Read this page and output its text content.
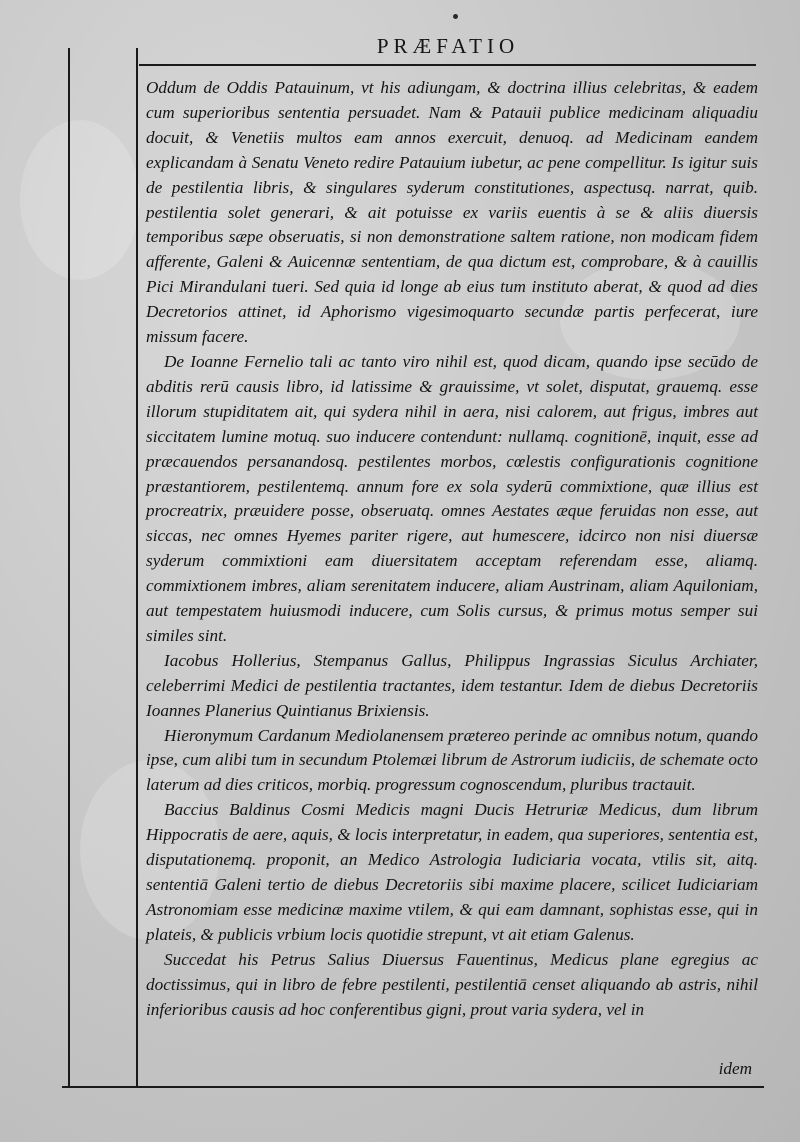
PRÆFATIO

Oddum de Oddis Patauinum, vt his adiungam, & doctrina illius celebritas, & eadem cum superioribus sententia persuadet. Nam & Patauii publice medicinam aliquadiu docuit, & Venetiis multos eam annos exercuit, denuoq. ad Medicinam eandem explicandam à Senatu Veneto redire Patauium iubetur, ac pene compellitur. Is igitur suis de pestilentia libris, & singulares syderum constitutiones, aspectusq. narrat, quib. pestilentia solet generari, & ait potuisse ex variis euentis à se & aliis diuersis temporibus sæpe obseruatis, si non demonstratione saltem ratione, non modicam fidem afferente, Galeni & Auicennæ sententiam, de qua dictum est, comprobare, & à cauillis Pici Mirandulani tueri. Sed quia id longe ab eius tum instituto aberat, & quod ad dies Decretorios attinet, id Aphorismo vigesimoquarto secundæ partis perfecerat, iure missum facere.

De Ioanne Fernelio tali ac tanto viro nihil est, quod dicam, quando ipse secūdo de abditis rerū causis libro, id latissime & grauissime, vt solet, disputat, grauemq. esse illorum stupiditatem ait, qui sydera nihil in aera, nisi calorem, aut frigus, imbres aut siccitatem lumine motuq. suo inducere contendunt: nullamq. cognitionē, inquit, esse ad præcauendos persanandosq. pestilentes morbos, cœlestis configurationis cognitione præstantiorem, pestilentemq. annum fore ex sola syderū commixtione, quæ illius est procreatrix, præuidere posse, obseruatq. omnes Aestates æque feruidas non esse, aut siccas, nec omnes Hyemes pariter rigere, aut humescere, idcirco non nisi diuersæ syderum commixtioni eam diuersitatem acceptam referendam esse, aliamq. commixtionem imbres, aliam serenitatem inducere, aliam Austrinam, aliam Aquiloniam, aut tempestatem huiusmodi inducere, cum Solis cursus, & primus motus semper sui similes sint.

Iacobus Hollerius, Stempanus Gallus, Philippus Ingrassias Siculus Archiater, celeberrimi Medici de pestilentia tractantes, idem testantur. Idem de diebus Decretoriis Ioannes Planerius Quintianus Brixiensis.

Hieronymum Cardanum Mediolanensem prætereo perinde ac omnibus notum, quando ipse, cum alibi tum in secundum Ptolemæi librum de Astrorum iudiciis, de schemate octo laterum ad dies criticos, morbiq. progressum cognoscendum, pluribus tractauit.

Baccius Baldinus Cosmi Medicis magni Ducis Hetruriæ Medicus, dum librum Hippocratis de aere, aquis, & locis interpretatur, in eadem, qua superiores, sententia est, disputationemq. proponit, an Medico Astrologia Iudiciaria vocata, vtilis sit, aitq. sententiā Galeni tertio de diebus Decretoriis sibi maxime placere, scilicet Iudiciariam Astronomiam esse medicinæ maxime vtilem, & qui eam damnant, sophistas esse, qui in plateis, & publicis vrbium locis quotidie strepunt, vt ait etiam Galenus.

Succedat his Petrus Salius Diuersus Fauentinus, Medicus plane egregius ac doctissimus, qui in libro de febre pestilenti, pestilentiā censet aliquando ab astris, nihil inferioribus causis ad hoc conferentibus gigni, prout varia sydera, vel in

idem
